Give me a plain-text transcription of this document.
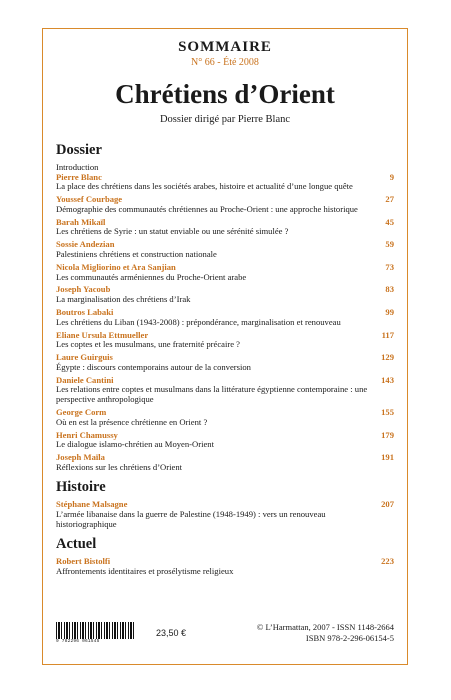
SOMMAIRE
N° 66 - Été 2008
Chrétiens d’Orient
Dossier dirigé par Pierre Blanc
Dossier
Introduction
Pierre Blanc
La place des chrétiens dans les sociétés arabes, histoire et actualité d’une longue quête
9
Youssef Courbage
Démographie des communautés chrétiennes au Proche-Orient : une approche historique
27
Barah Mikaïl
Les chrétiens de Syrie : un statut enviable ou une sérénité simulée ?
45
Sossie Andezian
Palestiniens chrétiens et construction nationale
59
Nicola Migliorino et Ara Sanjian
Les communautés arméniennes du Proche-Orient arabe
73
Joseph Yacoub
La marginalisation des chrétiens d’Irak
83
Boutros Labaki
Les chrétiens du Liban (1943-2008) : prépondérance, marginalisation et renouveau
99
Eliane Ursula Ettmueller
Les coptes et les musulmans, une fraternité précaire ?
117
Laure Guirguis
Égypte : discours contemporains autour de la conversion
129
Daniele Cantini
Les relations entre coptes et musulmans dans la littérature égyptienne contemporaine : une perspective anthropologique
143
George Corm
Où en est la présence chrétienne en Orient ?
155
Henri Chamussy
Le dialogue islamo-chrétien au Moyen-Orient
179
Joseph Maïla
Réflexions sur les chrétiens d’Orient
191
Histoire
Stéphane Malsagne
L’armée libanaise dans la guerre de Palestine (1948-1949) : vers un renouveau historiographique
207
Actuel
Robert Bistolfi
Affrontements identitaires et prosélytisme religieux
223
9 782296 061545
23,50 €
© L’Harmattan, 2007 - ISSN 1148-2664
ISBN 978-2-296-06154-5
